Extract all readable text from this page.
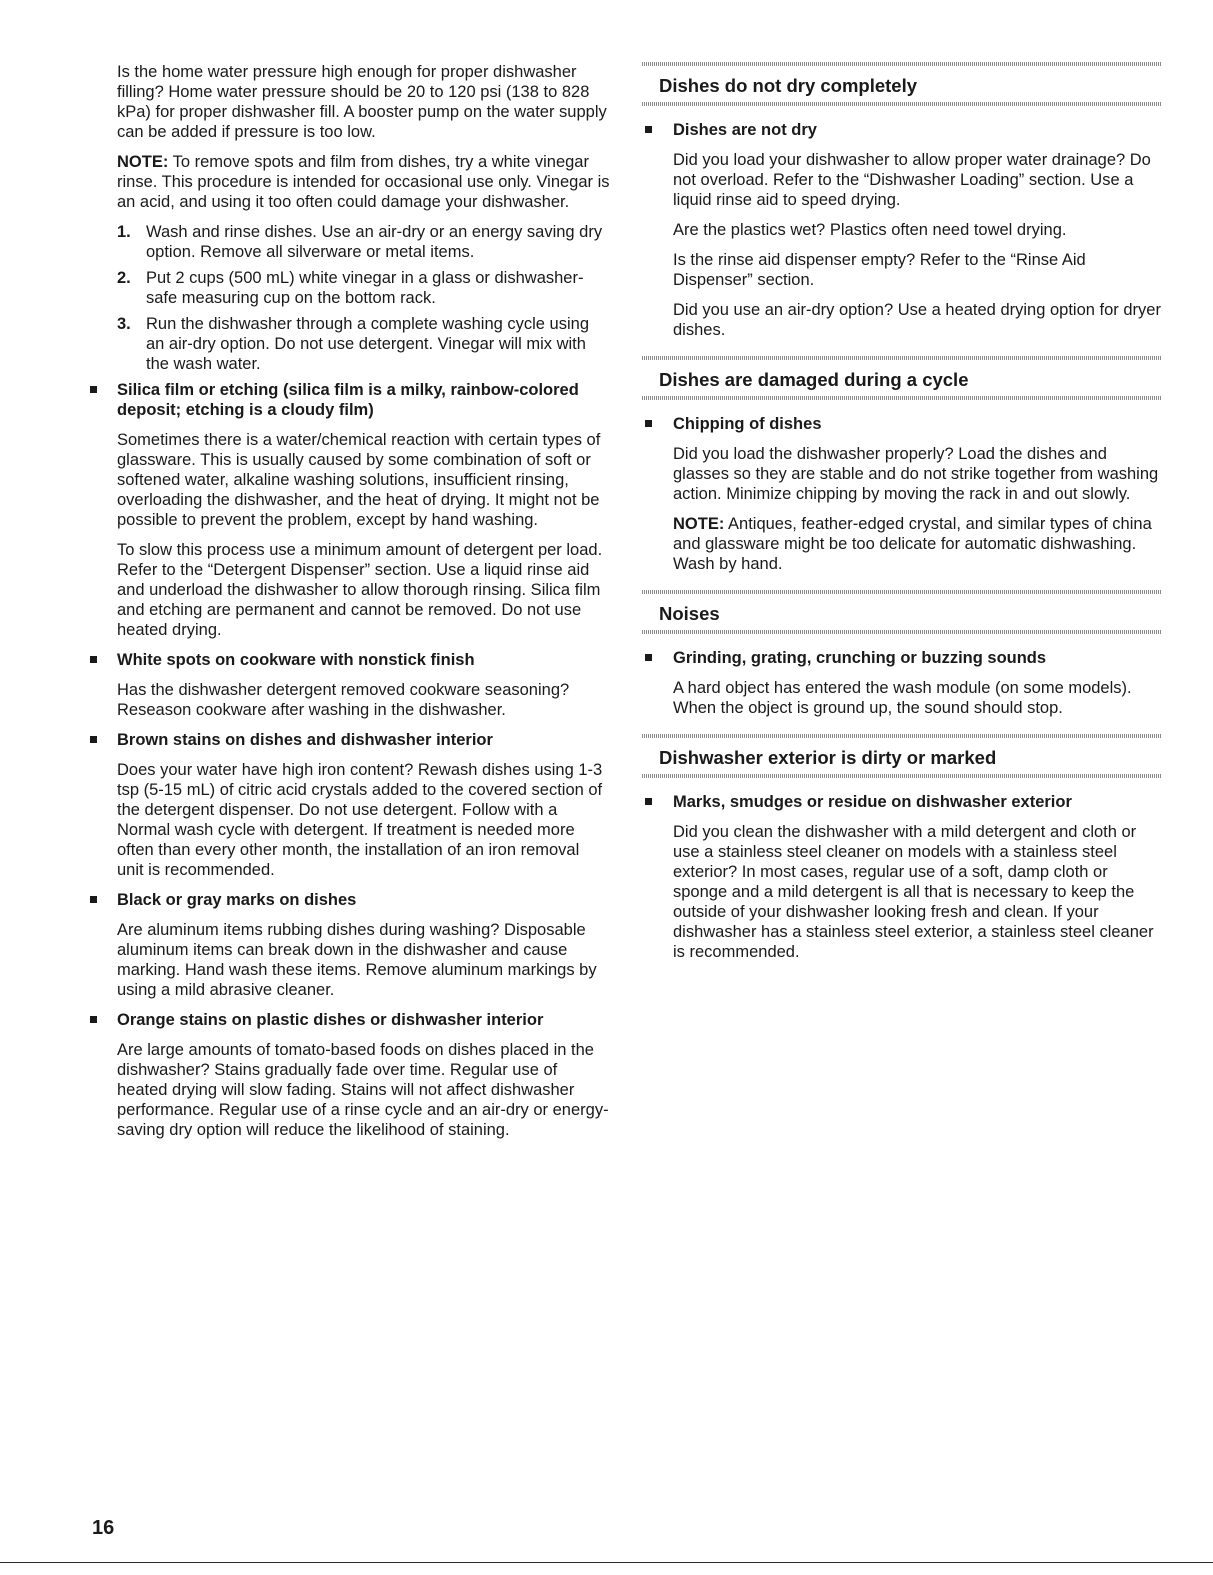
Is the home water pressure high enough for proper dishwasher filling? Home water pressure should be 20 to 120 psi (138 to 828 kPa) for proper dishwasher fill. A booster pump on the water supply can be added if pressure is too low.

NOTE: To remove spots and film from dishes, try a white vinegar rinse. This procedure is intended for occasional use only. Vinegar is an acid, and using it too often could damage your dishwasher.

1. Wash and rinse dishes. Use an air-dry or an energy saving dry option. Remove all silverware or metal items.
2. Put 2 cups (500 mL) white vinegar in a glass or dishwasher-safe measuring cup on the bottom rack.
3. Run the dishwasher through a complete washing cycle using an air-dry option. Do not use detergent. Vinegar will mix with the wash water.
Silica film or etching (silica film is a milky, rainbow-colored deposit; etching is a cloudy film)

Sometimes there is a water/chemical reaction with certain types of glassware. This is usually caused by some combination of soft or softened water, alkaline washing solutions, insufficient rinsing, overloading the dishwasher, and the heat of drying. It might not be possible to prevent the problem, except by hand washing.

To slow this process use a minimum amount of detergent per load. Refer to the “Detergent Dispenser” section. Use a liquid rinse aid and underload the dishwasher to allow thorough rinsing. Silica film and etching are permanent and cannot be removed. Do not use heated drying.

White spots on cookware with nonstick finish

Has the dishwasher detergent removed cookware seasoning? Reseason cookware after washing in the dishwasher.

Brown stains on dishes and dishwasher interior

Does your water have high iron content? Rewash dishes using 1-3 tsp (5-15 mL) of citric acid crystals added to the covered section of the detergent dispenser. Do not use detergent. Follow with a Normal wash cycle with detergent. If treatment is needed more often than every other month, the installation of an iron removal unit is recommended.

Black or gray marks on dishes

Are aluminum items rubbing dishes during washing? Disposable aluminum items can break down in the dishwasher and cause marking. Hand wash these items. Remove aluminum markings by using a mild abrasive cleaner.

Orange stains on plastic dishes or dishwasher interior

Are large amounts of tomato-based foods on dishes placed in the dishwasher? Stains gradually fade over time. Regular use of heated drying will slow fading. Stains will not affect dishwasher performance. Regular use of a rinse cycle and an air-dry or energy-saving dry option will reduce the likelihood of staining.

Dishes do not dry completely
Dishes are not dry

Did you load your dishwasher to allow proper water drainage? Do not overload. Refer to the “Dishwasher Loading” section. Use a liquid rinse aid to speed drying.

Are the plastics wet? Plastics often need towel drying.

Is the rinse aid dispenser empty? Refer to the “Rinse Aid Dispenser” section.

Did you use an air-dry option? Use a heated drying option for dryer dishes.

Dishes are damaged during a cycle
Chipping of dishes

Did you load the dishwasher properly? Load the dishes and glasses so they are stable and do not strike together from washing action. Minimize chipping by moving the rack in and out slowly.

NOTE: Antiques, feather-edged crystal, and similar types of china and glassware might be too delicate for automatic dishwashing. Wash by hand.

Noises
Grinding, grating, crunching or buzzing sounds

A hard object has entered the wash module (on some models). When the object is ground up, the sound should stop.

Dishwasher exterior is dirty or marked
Marks, smudges or residue on dishwasher exterior

Did you clean the dishwasher with a mild detergent and cloth or use a stainless steel cleaner on models with a stainless steel exterior? In most cases, regular use of a soft, damp cloth or sponge and a mild detergent is all that is necessary to keep the outside of your dishwasher looking fresh and clean. If your dishwasher has a stainless steel exterior, a stainless steel cleaner is recommended.

16
